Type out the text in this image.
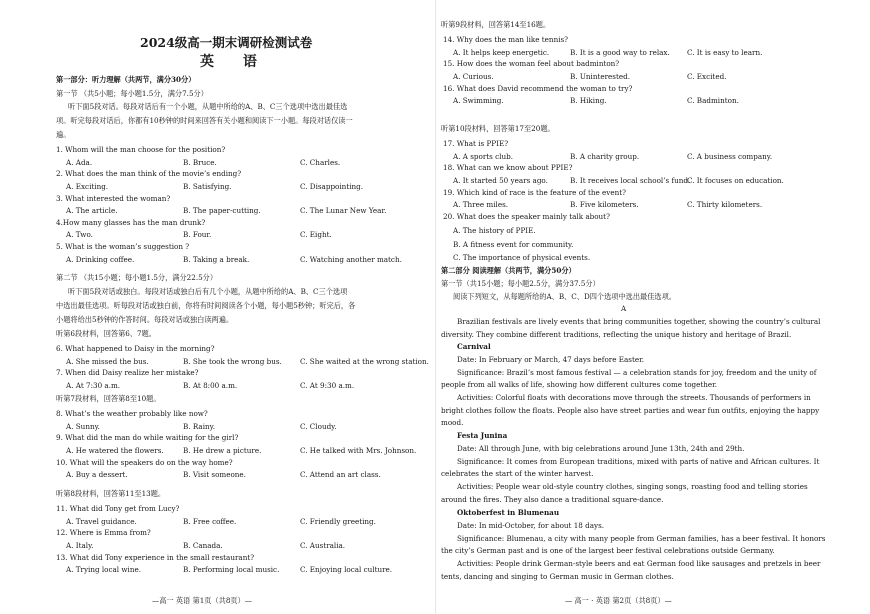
2024级高一期末调研检测试卷
英 语
第一部分：听力理解（共两节，满分30分）
第一节 （共5小题；每小题1.5分，满分7.5分）
听下面5段对话。每段对话后有一个小题，从题中所给的A、B、C三个选项中选出最佳选
项。听完每段对话后，你都有10秒钟的时间来回答有关小题和阅读下一小题。每段对话仅读一
遍。
1. Whom will the man choose for the position?
A. Ada.	B. Bruce.	C. Charles.
2. What does the man think of the movie’s ending?
A. Exciting.	B. Satisfying.	C. Disappointing.
3. What interested the woman?
A. The article.	B. The paper-cutting.	C. The Lunar New Year.
4.How many glasses has the man drunk?
A. Two.	B. Four.	C. Eight.
5. What is the woman’s suggestion ?
A. Drinking coffee.	B. Taking a break.	C. Watching another match.
第二节 （共15小题；每小题1.5分，满分22.5分）
听下面5段对话或独白。每段对话或独白后有几个小题，从题中所给的A、B、C三个选项
中选出最佳选项。听每段对话或独白前，你将有时间阅读各个小题，每小题5秒钟；听完后，各
小题将给出5秒钟的作答时间。每段对话或独白读两遍。
听第6段材料，回答第6、7题。
6. What happened to Daisy in the morning?
A. She missed the bus.	B. She took the wrong bus.	C. She waited at the wrong station.
7. When did Daisy realize her mistake?
A. At 7:30 a.m.	B. At 8:00 a.m.	C. At 9:30 a.m.
听第7段材料，回答第8至10题。
8. What’s the weather probably like now?
A. Sunny.	B. Rainy.	C. Cloudy.
9. What did the man do while waiting for the girl?
A. He watered the flowers.	B. He drew a picture.	C. He talked with Mrs. Johnson.
10. What will the speakers do on the way home?
A. Buy a dessert.	B. Visit someone.	C. Attend an art class.
听第8段材料，回答第11至13题。
11. What did Tony get from Lucy?
A. Travel guidance.	B. Free coffee.	C. Friendly greeting.
12. Where is Emma from?
A. Italy.	B. Canada.	C. Australia.
13. What did Tony experience in the small restaurant?
A. Trying local wine.	B. Performing local music.	C. Enjoying local culture.
—高一 英语 第1页（共8页）—
听第9段材料，回答第14至16题。
14. Why does the man like tennis?
A. It helps keep energetic.	B. It is a good way to relax. C. It is easy to learn.
15. How does the woman feel about badminton?
A. Curious.	B. Uninterested.	C. Excited.
16. What does David recommend the woman to try?
A. Swimming.	B. Hiking.	C. Badminton.
听第10段材料，回答第17至20题。
17. What is PPIE?
A. A sports club.	B. A charity group.	C. A business company.
18. What can we know about PPIE?
A. It started 50 years ago.	B. It receives local school’s fund.
C. It focuses on education.
19. Which kind of race is the feature of the event?
A. Three miles.	B. Five kilometers.	C. Thirty kilometers.
20. What does the speaker mainly talk about?
A. The history of PPIE.
B. A fitness event for community.
C. The importance of physical events.
第二部分 阅读理解（共两节，满分50分）
第一节（共15小题；每小题2.5分，满分37.5分）
阅读下列短文，从每题所给的A、B、C、D四个选项中选出最佳选项。
A
Brazilian festivals are lively events that bring communities together, showing the country’s cultural
diversity. They combine different traditions, reflecting the unique history and heritage of Brazil.
Carnival
Date: In February or March, 47 days before Easter.
Significance: Brazil’s most famous festival — a celebration stands for joy, freedom and the unity of
people from all walks of life, showing how different cultures come together.
Activities: Colorful floats with decorations move through the streets. Thousands of performers in
bright clothes follow the floats. People also have street parties and wear fun outfits, enjoying the happy
mood.
Festa Junina
Date: All through June, with big celebrations around June 13th, 24th and 29th.
Significance: It comes from European traditions, mixed with parts of native and African cultures. It
celebrates the start of the winter harvest.
Activities: People wear old-style country clothes, singing songs, roasting food and telling stories
around the fires. They also dance a traditional square-dance.
Oktoberfest in Blumenau
Date: In mid-October, for about 18 days.
Significance: Blumenau, a city with many people from German families, has a beer festival. It honors
the city’s German past and is one of the largest beer festival celebrations outside Germany.
Activities: People drink German-style beers and eat German food like sausages and pretzels in beer
tents, dancing and singing to German music in German clothes.
— 高一 · 英语 第2页（共8页）—
